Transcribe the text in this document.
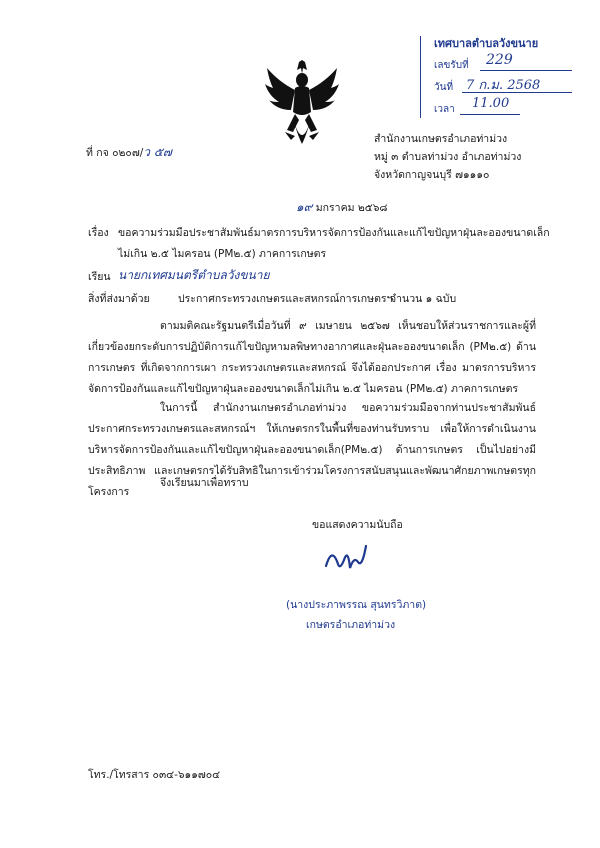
เทศบาลตำบลวังขนาย
เลขรับที่ 229
วันที่ 7 ก.ม. 2568
เวลา 11.00
ที่ กจ ๐๒๐๗/ว ๕๗
สำนักงานเกษตรอำเภอท่าม่วง
หมู่ ๓ ตำบลท่าม่วง อำเภอท่าม่วง
จังหวัดกาญจนบุรี ๗๑๑๑๐
๑๙ มกราคม ๒๕๖๘
เรื่อง ขอความร่วมมือประชาสัมพันธ์มาตรการบริหารจัดการป้องกันและแก้ไขปัญหาฝุ่นละอองขนาดเล็ก
ไม่เกิน ๒.๕ ไมครอน (PM๒.๕) ภาคการเกษตร
เรียน นายกเทศมนตรีตำบลวังขนาย
สิ่งที่ส่งมาด้วย	ประกาศกระทรวงเกษตรและสหกรณ์การเกษตรฯ
จำนวน ๑ ฉบับ
ตามมติคณะรัฐมนตรีเมื่อวันที่ ๙ เมษายน ๒๕๖๗ เห็นชอบให้ส่วนราชการและผู้ที่เกี่ยวข้องยกระดับการปฏิบัติการแก้ไขปัญหามลพิษทางอากาศและฝุ่นละอองขนาดเล็ก (PM๒.๕) ด้านการเกษตร ที่เกิดจากการเผา กระทรวงเกษตรและสหกรณ์ จึงได้ออกประกาศ เรื่อง มาตรการบริหารจัดการป้องกันและแก้ไขปัญหาฝุ่นละอองขนาดเล็กไม่เกิน ๒.๕ ไมครอน (PM๒.๕) ภาคการเกษตร
ในการนี้ สำนักงานเกษตรอำเภอท่าม่วง ขอความร่วมมือจากท่านประชาสัมพันธ์ประกาศกระทรวงเกษตรและสหกรณ์ฯ ให้เกษตรกรในพื้นที่ของท่านรับทราบ เพื่อให้การดำเนินงานบริหารจัดการป้องกันและแก้ไขปัญหาฝุ่นละอองขนาดเล็ก(PM๒.๕) ด้านการเกษตร เป็นไปอย่างมีประสิทธิภาพ และเกษตรกรได้รับสิทธิในการเข้าร่วมโครงการสนับสนุนและพัฒนาศักยภาพเกษตรทุกโครงการ
จึงเรียนมาเพื่อทราบ
ขอแสดงความนับถือ
(นางประภาพรรณ สุนทรวิภาต)
เกษตรอำเภอท่าม่วง
โทร./โทรสาร ๐๓๔-๖๑๑๗๐๔
